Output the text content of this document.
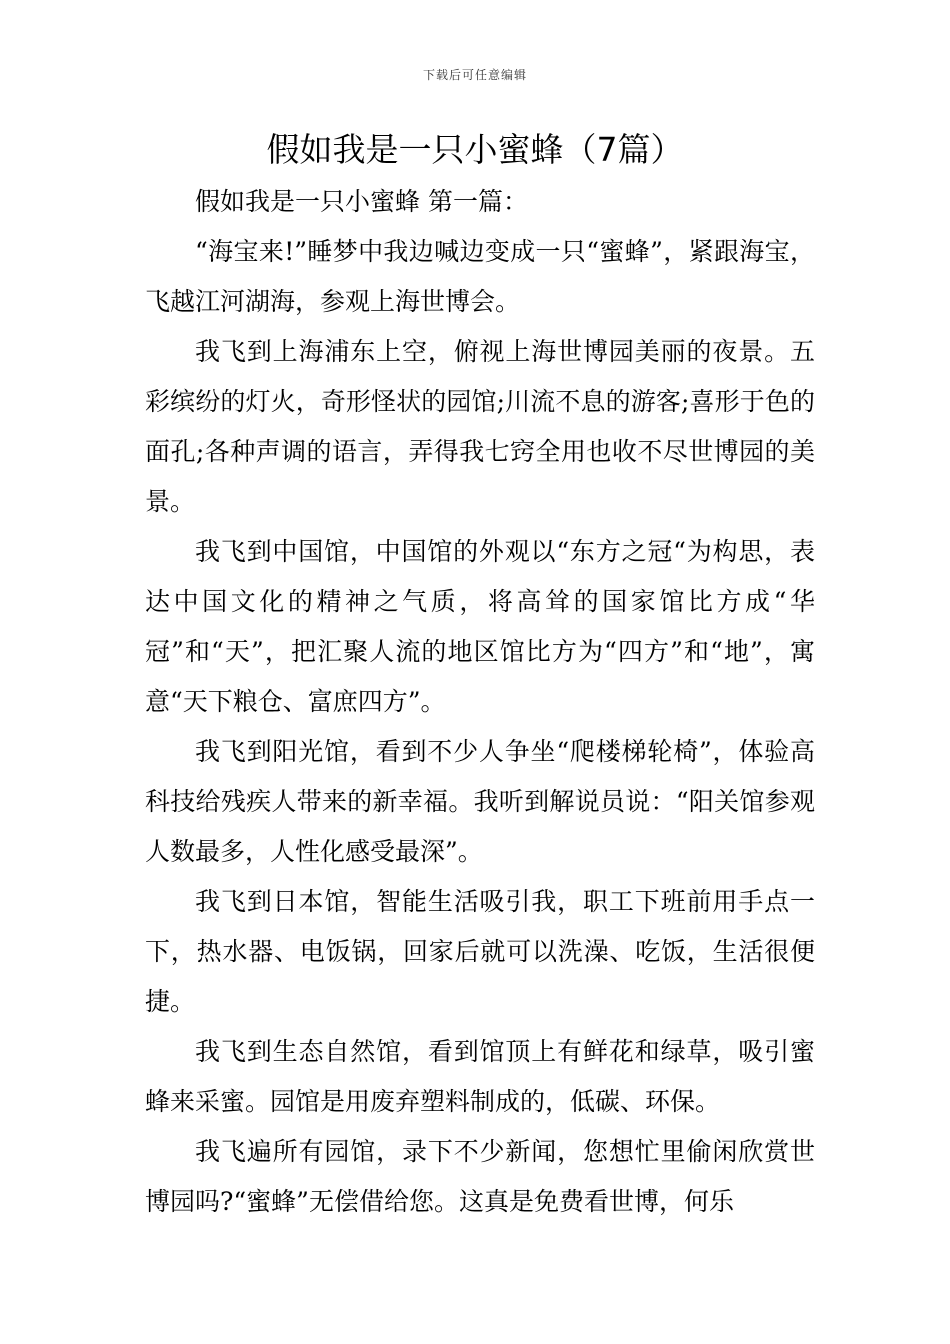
下载后可任意编辑
假如我是一只小蜜蜂（7篇）

假如我是一只小蜜蜂 第一篇：

“海宝来!”睡梦中我边喊边变成一只“蜜蜂”，紧跟海宝，飞越江河湖海，参观上海世博会。

我飞到上海浦东上空，俯视上海世博园美丽的夜景。五彩缤纷的灯火，奇形怪状的园馆;川流不息的游客;喜形于色的面孔;各种声调的语言，弄得我七窍全用也收不尽世博园的美景。

我飞到中国馆，中国馆的外观以“东方之冠“为构思，表达中国文化的精神之气质，将高耸的国家馆比方成“华冠”和“天”，把汇聚人流的地区馆比方为“四方”和“地”，寓意“天下粮仓、富庶四方”。

我飞到阳光馆，看到不少人争坐“爬楼梯轮椅”，体验高科技给残疾人带来的新幸福。我听到解说员说：“阳关馆参观人数最多，人性化感受最深”。

我飞到日本馆，智能生活吸引我，职工下班前用手点一下，热水器、电饭锅，回家后就可以洗澡、吃饭，生活很便捷。

我飞到生态自然馆，看到馆顶上有鲜花和绿草，吸引蜜蜂来采蜜。园馆是用废弃塑料制成的，低碳、环保。

我飞遍所有园馆，录下不少新闻，您想忙里偷闲欣赏世博园吗?“蜜蜂”无偿借给您。这真是免费看世博，何乐
